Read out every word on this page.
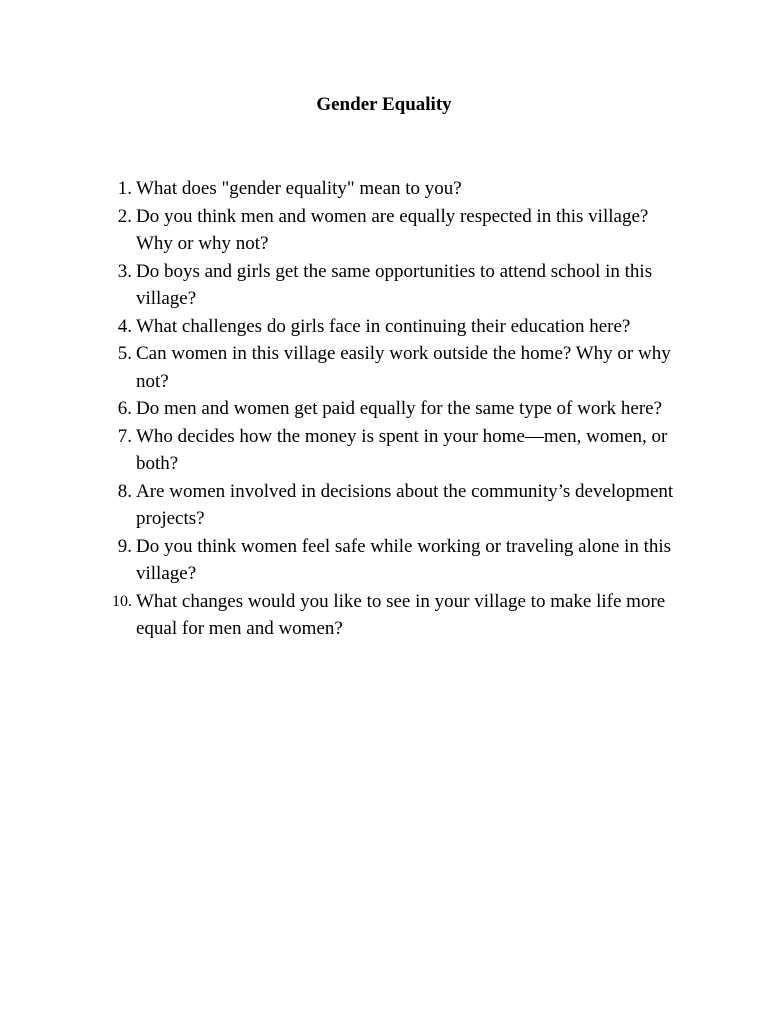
Gender Equality
1. What does "gender equality" mean to you?
2. Do you think men and women are equally respected in this village? Why or why not?
3. Do boys and girls get the same opportunities to attend school in this village?
4. What challenges do girls face in continuing their education here?
5. Can women in this village easily work outside the home? Why or why not?
6. Do men and women get paid equally for the same type of work here?
7. Who decides how the money is spent in your home—men, women, or both?
8. Are women involved in decisions about the community’s development projects?
9. Do you think women feel safe while working or traveling alone in this village?
10. What changes would you like to see in your village to make life more equal for men and women?
